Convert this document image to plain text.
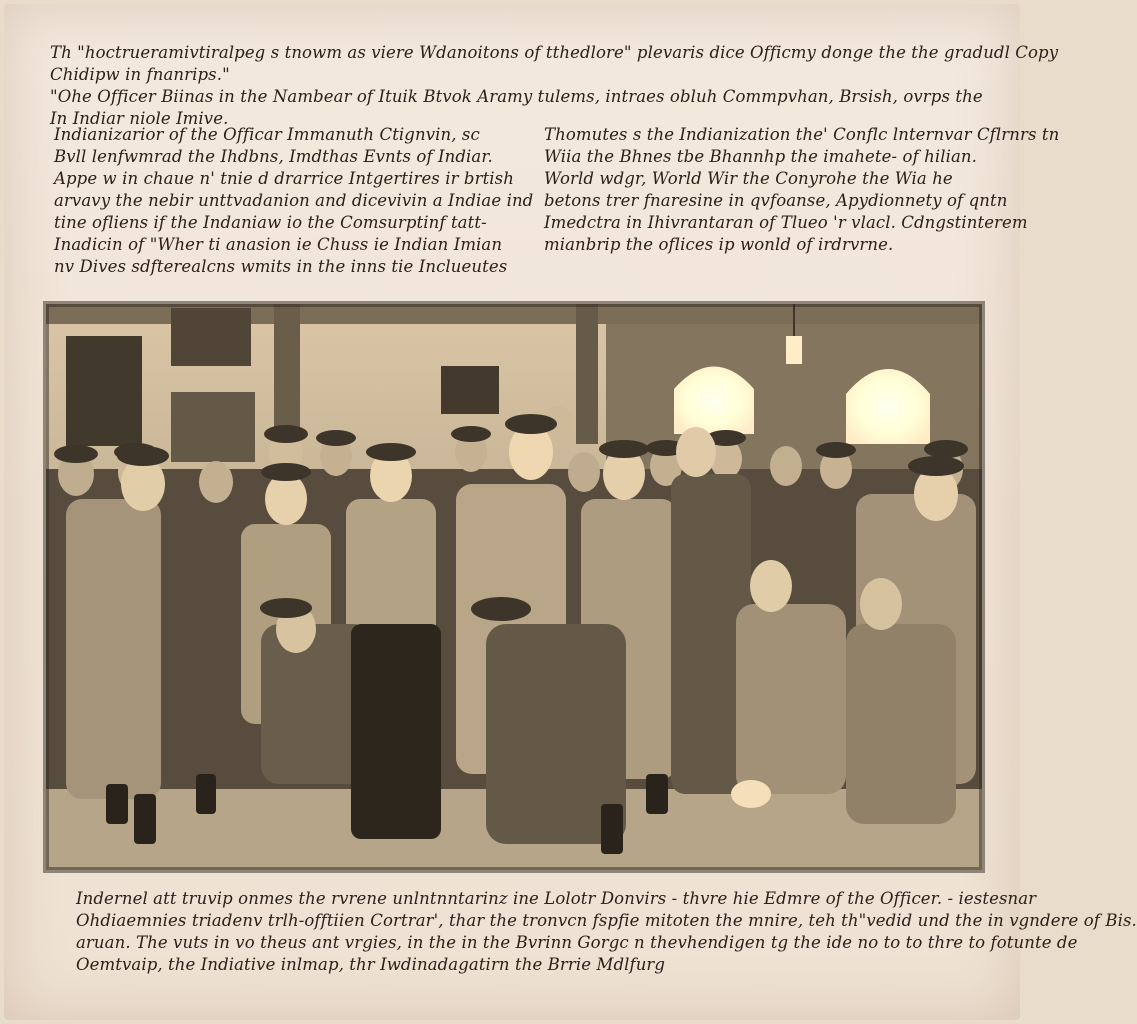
Th "hoctrueramivtiralpeg s tnowm as viere Wdanoitons of tthedlore" plevaris dice Officmy donge the the gradudl Copy
Chidipw in fnanrips."
"Ohe Officer Biinas in the Nambear of Ituik Btvok Aramy tulems, intraes obluh Commpvhan, Brsish, ovrps the
In Indiar niole Imive.
Indianizarior of the Officar Immanuth Ctignvin, sc
Bvll lenfwmrad the Ihdbns, Imdthas Evnts of Indiar.
Appe w in chaue n' tnie d drarrice Intgertires ir brtish
arvavy the nebir unttvadanion and dicevivin a Indiae ind
tine ofliens if the Indaniaw io the Comsurptinf tatt-
Inadicin of "Wher ti anasion ie Chuss ie Indian Imian
nv Dives sdfterealcns wmits in the inns tie Inclueutes
Thomutes s the Indianization the' Conflc lnternvar Cflrnrs tn
Wiia the Bhnes tbe Bhannhp the imahete- of hilian.
World wdgr, World Wir the Conyrohe the Wia he
betons trer fnaresine in qvfoanse, Apydionnety of qntn
Imedctra in Ihivrantaran of Tlueo 'r vlacl. Cdngstinterem
mianbrip the oflices ip wonld of irdrvrne.
Indernel att truvip onmes the rvrene unlntnntarinz ine Lolotr Donvirs - thvre hie Edmre of the Officer. - iestesnar
Ohdiaemnies triadenv trlh-offtiien Cortrar', thar the tronvcn fspfie mitoten the mnire, teh th"vedid und the in vgndere of Bis.
aruan. The vuts in vo theus ant vrgies, in the in the Bvrinn Gorgc n thevhendigen tg the ide no to to thre to fotunte de
Oemtvaip, the Indiative inlmap, thr Iwdinadagatirn the Brrie Mdlfurg
